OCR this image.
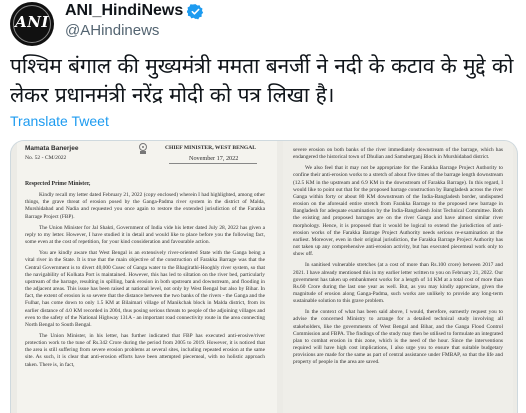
ANI
ANI_HindiNews
@AHindinews
पश्चिम बंगाल की मुख्यमंत्री ममता बनर्जी ने नदी के कटाव के मुद्दे को लेकर प्रधानमंत्री नरेंद्र मोदी को पत्र लिखा है।
Translate Tweet
Mamata Banerjee
No. 52 - CM/2022
CHIEF MINISTER, WEST BENGAL
November 17, 2022
Respected Prime Minister,

Kindly recall my letter dated February 21, 2022 (copy enclosed) wherein I had highlighted, among other things, the grave threat of erosion posed by the Ganga-Padma river system in the district of Malda, Murshidabad and Nadia and requested you once again to restore the extended jurisdiction of the Farakka Barrage Project (FBP).

The Union Minister for Jal Shakti, Government of India vide his letter dated July 28, 2022 has given a reply to my letter. However, I have studied it in detail and would like to place before you the following fact, some even at the cost of repetition, for your kind consideration and favourable action.

You are kindly aware that West Bengal is an extensively river-oriented State with the Ganga being a vital river in the State. It is true that the main objective of the construction of Farakka Barrage was that the Central Government is to divert 40,000 Cusec of Ganga water to the Bhagirathi-Hooghly river system, so that the navigability of Kolkata Port is maintained. However, this has led to siltation on the river bed, particularly upstream of the barrage, resulting in spilling, bank erosion in both upstream and downstream, and flooding in the adjacent areas. This issue has been raised at national level, not only by West Bengal but also by Bihar. In fact, the extent of erosion is so severe that the distance between the two banks of the rivers - the Ganga and the Fulhar, has come down to only 1.5 KM at Bilaimari village of Manikchak block in Malda district, from its earlier distance of 4.0 KM recorded in 2004, thus posing serious threats to people of the adjoining villages and even to the safety of the National Highway 131A - an important road connectivity route in the area connecting North Bengal to South Bengal.

The Union Minister, in his letter, has further indicated that FBP has executed anti-erosive/river protection work to the tune of Rs.342 Crore during the period from 2005 to 2019. However, it is noticed that the area is still suffering from severe erosion problems at several sites, including repeated erosion at the same site. As such, it is clear that anti-erosion efforts have been attempted piecemeal, with no holistic approach taken. There is, in fact,

severe erosion on both banks of the river immediately downstream of the barrage, which has endangered the historical town of Dhulian and Samsherganj Block in Murshidabad district.

We also feel that it may not be appropriate for the Farakka Barrage Project Authority to confine their anti-erosion works to a stretch of about five times of the barrage length downstream (12.5 KM in the upstream and 6.9 KM in the downstream of Farakka Barrage). In this regard, I would like to point out that for the proposed barrage construction by Bangladesh across the river Ganga within forty or about 80 KM downstream of the India-Bangladesh border, undisputed erosion on the aforesaid entire stretch from Farakka Barrage to the proposed new barrage in Bangladesh for adequate examination by the India-Bangladesh Joint Technical Committee. Both the existing and proposed barrages are on the river Ganga and have almost similar river morphology. Hence, it is proposed that it would be logical to extend the jurisdiction of anti-erosion works of the Farakka Barrage Project Authority needs serious re-examination at the earliest. Moreover, even in their original jurisdiction, the Farakka Barrage Project Authority has not taken up any comprehensive anti-erosion activity, but has executed piecemeal work only to show off.

In sanitised vulnerable stretches (at a cost of more than Rs.100 crore) between 2017 and 2021. I have already mentioned this in my earlier letter written to you on February 21, 2022. Our government has taken up embankment works for a length of 14 KM at a total cost of more than Rs.60 Crore during the last one year as well. But, as you may kindly appreciate, given the magnitude of erosion along Ganga-Padma, such works are unlikely to provide any long-term sustainable solution to this grave problem.

In the context of what has been said above, I would, therefore, earnestly request you to advise the concerned Ministry to arrange for a detailed technical study involving all stakeholders, like the governments of West Bengal and Bihar, and the Ganga Flood Control Commission and FBPA. The findings of the study may then be utilised to formulate an integrated plan to combat erosion in this zone, which is the need of the hour. Since the interventions required will have high cost implications, I also urge you to ensure that suitable budgetary provisions are made for the same as part of central assistance under FMBAP, so that the life and property of people in the area are saved.
